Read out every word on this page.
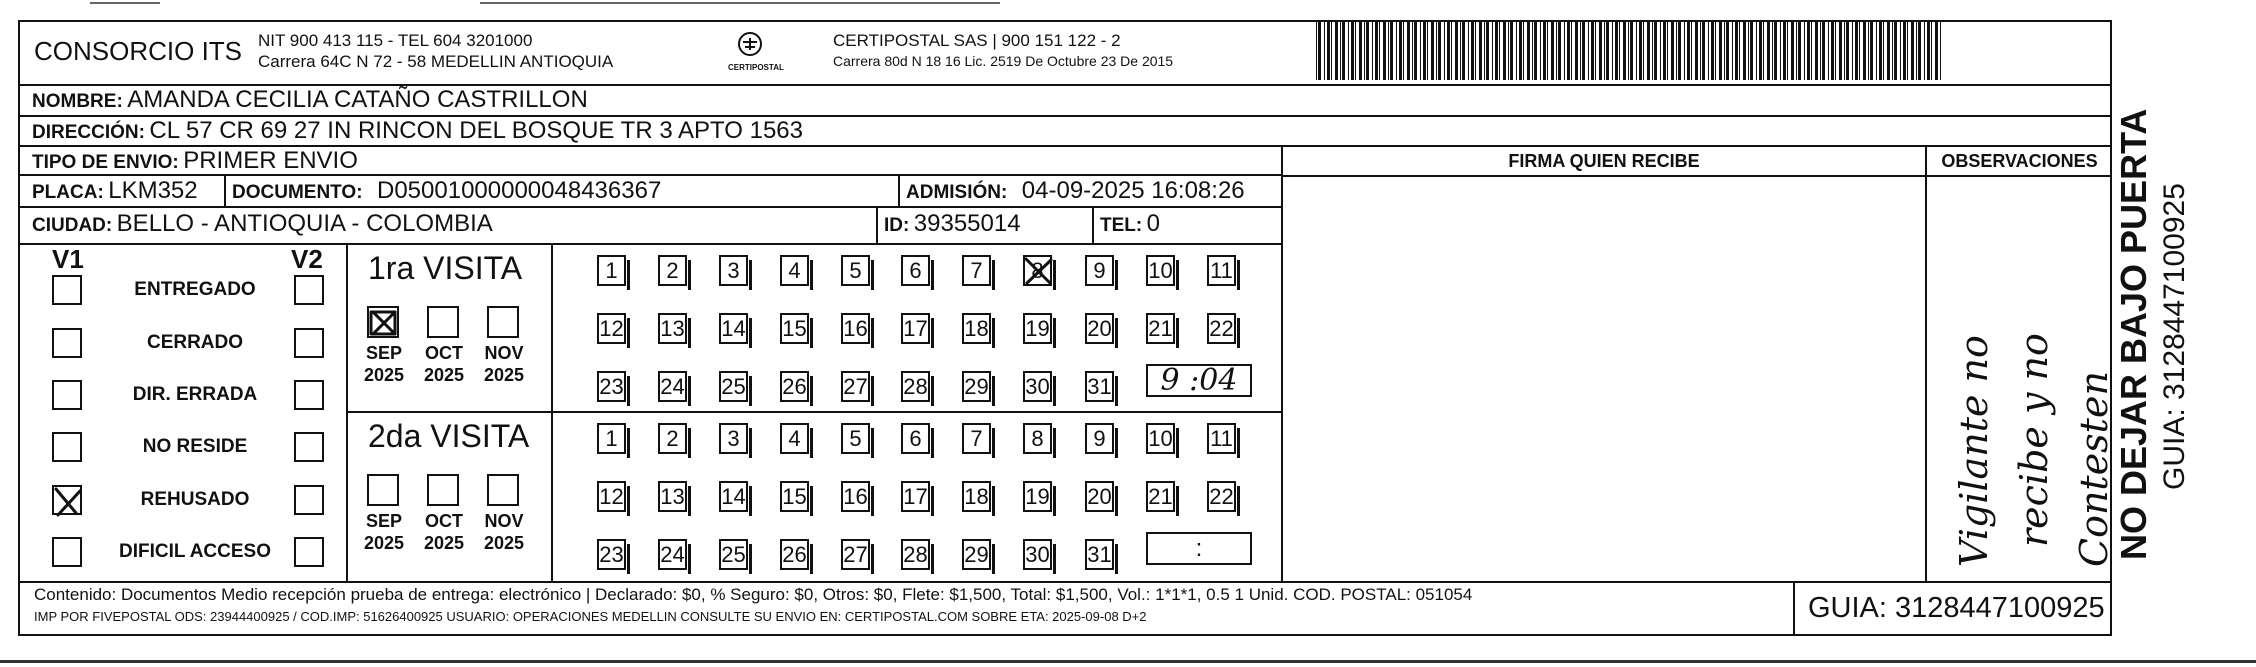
CONSORCIO ITS NIT 900 413 115 - TEL 604 3201000
Carrera 64C N 72 - 58 MEDELLIN ANTIOQUIA	CERTIPOSTAL
CERTIPOSTAL SAS | 900 151 122 - 2
Carrera 80d N 18 16 Lic. 2519 De Octubre 23 De 2015
NOMBRE: AMANDA CECILIA CATAÑO CASTRILLON
DIRECCIÓN: CL 57 CR 69 27 IN RINCON DEL BOSQUE TR 3 APTO 1563
TIPO DE ENVIO: PRIMER ENVIO
PLACA: LKM352 DOCUMENTO: D05001000000048436367	ADMISIÓN: 04-09-2025 16:08:26
CIUDAD: BELLO - ANTIOQUIA - COLOMBIA	ID: 39355014	TEL: 0
FIRMA QUIEN RECIBE	OBSERVACIONES
Vigilante no recibe y no Contesten
V1	V2
ENTREGADO
CERRADO
DIR. ERRADA
NO RESIDE
REHUSADO
DIFICIL ACCESO
1ra VISITA
SEP
2025
OCT
2025
NOV
2025
1 2 3 4 5 6 7 8 9 10 11
12 13 14 15 16 17 18 19 20 21 22
23 24 25 26 27 28 29 30 31	9 :04
2da VISITA
SEP
2025
OCT
2025
NOV
2025
1 2 3 4 5 6 7 8 9 10 11
12 13 14 15 16 17 18 19 20 21 22
23 24 25 26 27 28 29 30 31	:
Contenido: Documentos Medio recepción prueba de entrega: electrónico | Declarado: $0, % Seguro: $0, Otros: $0, Flete: $1,500, Total: $1,500, Vol.: 1*1*1, 0.5 1 Unid. COD. POSTAL: 051054
IMP POR FIVEPOSTAL ODS: 23944400925 / COD.IMP: 51626400925 USUARIO: OPERACIONES MEDELLIN CONSULTE SU ENVIO EN: CERTIPOSTAL.COM SOBRE ETA: 2025-09-08 D+2	GUIA: 3128447100925
NO DEJAR BAJO PUERTA GUIA: 3128447100925
